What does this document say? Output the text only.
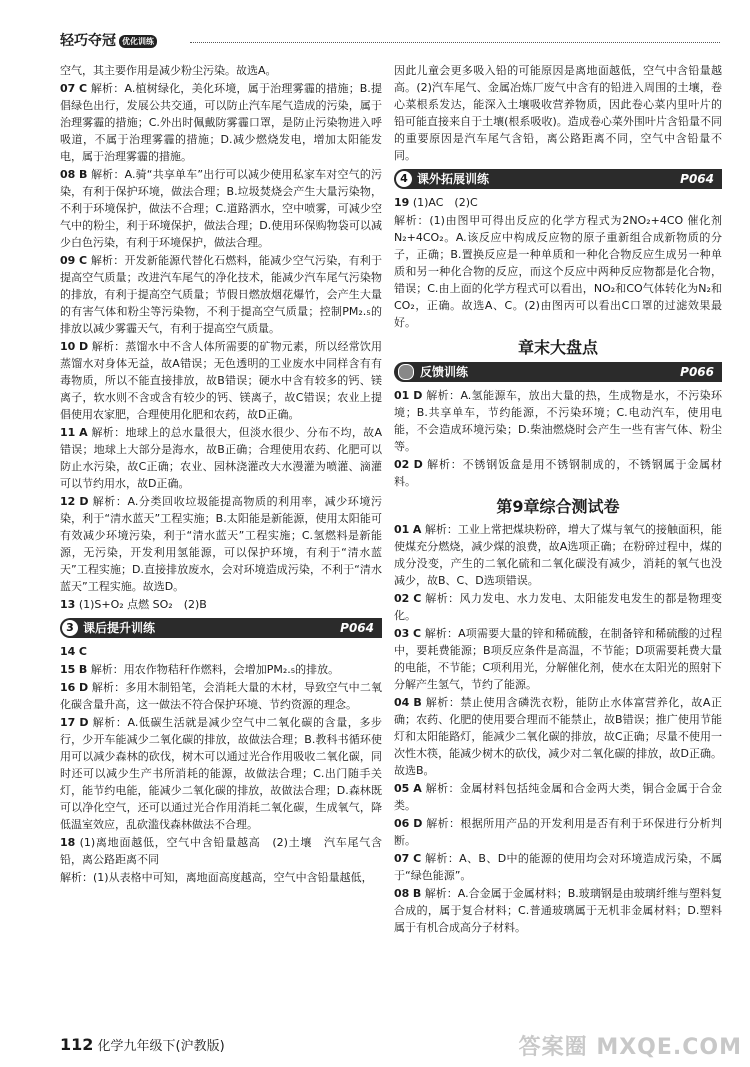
轻巧夺冠 优化训练
空气，其主要作用是减少粉尘污染。故选A。
07 C 解析：A.植树绿化，美化环境，属于治理雾霾的措施；B.提倡绿色出行，发展公共交通，可以防止汽车尾气造成的污染，属于治理雾霾的措施；C.外出时佩戴防雾霾口罩，是防止污染物进入呼吸道，不属于治理雾霾的措施；D.减少燃烧发电，增加太阳能发电，属于治理雾霾的措施。
08 B 解析：A.骑“共享单车”出行可以减少使用私家车对空气的污染，有利于保护环境，做法合理；B.垃圾焚烧会产生大量污染物，不利于环境保护，做法不合理；C.道路洒水，空中喷雾，可减少空气中的粉尘，利于环境保护，做法合理；D.使用环保购物袋可以减少白色污染，有利于环境保护，做法合理。
09 C 解析：开发新能源代替化石燃料，能减少空气污染，有利于提高空气质量；改进汽车尾气的净化技术，能减少汽车尾气污染物的排放，有利于提高空气质量；节假日燃放烟花爆竹，会产生大量的有害气体和粉尘等污染物，不利于提高空气质量；控制PM₂.₅的排放以减少雾霾天气，有利于提高空气质量。
10 D 解析：蒸馏水中不含人体所需要的矿物元素，所以经常饮用蒸馏水对身体无益，故A错误；无色透明的工业废水中同样含有有毒物质，所以不能直接排放，故B错误；硬水中含有较多的钙、镁离子，软水则不含或含有较少的钙、镁离子，故C错误；农业上提倡使用农家肥，合理使用化肥和农药，故D正确。
11 A 解析：地球上的总水量很大，但淡水很少、分布不均，故A错误；地球上大部分是海水，故B正确；合理使用农药、化肥可以防止水污染，故C正确；农业、园林浇灌改大水漫灌为喷灌、滴灌可以节约用水，故D正确。
12 D 解析：A.分类回收垃圾能提高物质的利用率，减少环境污染，利于“清水蓝天”工程实施；B.太阳能是新能源，使用太阳能可有效减少环境污染，利于“清水蓝天”工程实施；C.氢燃料是新能源，无污染，开发利用氢能源，可以保护环境，有利于“清水蓝天”工程实施；D.直接排放废水，会对环境造成污染，不利于“清水蓝天”工程实施。故选D。
13 (1)S+O₂ 点燃 SO₂　(2)B
3 课后提升训练	P064
14 C
15 B 解析：用农作物秸秆作燃料，会增加PM₂.₅的排放。
16 D 解析：多用木制铅笔，会消耗大量的木材，导致空气中二氧化碳含量升高，这一做法不符合保护环境、节约资源的理念。
17 D 解析：A.低碳生活就是减少空气中二氧化碳的含量，多步行，少开车能减少二氧化碳的排放，故做法合理；B.教科书循环使用可以减少森林的砍伐，树木可以通过光合作用吸收二氧化碳，同时还可以减少生产书所消耗的能源，故做法合理；C.出门随手关灯，能节约电能，能减少二氧化碳的排放，故做法合理；D.森林既可以净化空气，还可以通过光合作用消耗二氧化碳，生成氧气，降低温室效应，乱砍滥伐森林做法不合理。
18 (1)离地面越低，空气中含铅量越高　(2)土壤　汽车尾气含铅，离公路距离不同
解析：(1)从表格中可知，离地面高度越高，空气中含铅量越低，
因此儿童会更多吸入铅的可能原因是离地面越低，空气中含铅量越高。(2)汽车尾气、金属冶炼厂废气中含有的铅进入周围的土壤，卷心菜根系发达，能深入土壤吸收营养物质，因此卷心菜内里叶片的铅可能直接来自于土壤(根系吸收)。造成卷心菜外围叶片含铅量不同的重要原因是汽车尾气含铅，离公路距离不同，空气中含铅量不同。
4 课外拓展训练	P064
19 (1)AC　(2)C
解析：(1)由图甲可得出反应的化学方程式为2NO₂+4CO 催化剂 N₂+4CO₂。A.该反应中构成反应物的原子重新组合成新物质的分子，正确；B.置换反应是一种单质和一种化合物反应生成另一种单质和另一种化合物的反应，而这个反应中两种反应物都是化合物，错误；C.由上面的化学方程式可以看出，NO₂和CO气体转化为N₂和CO₂，正确。故选A、C。(2)由图丙可以看出C口罩的过滤效果最好。
章末大盘点
反馈训练	P066
01 D 解析：A.氢能源车，放出大量的热，生成物是水，不污染环境；B.共享单车，节约能源，不污染环境；C.电动汽车，使用电能，不会造成环境污染；D.柴油燃烧时会产生一些有害气体、粉尘等。
02 D 解析：不锈钢饭盒是用不锈钢制成的，不锈钢属于金属材料。
第9章综合测试卷
01 A 解析：工业上常把煤块粉碎，增大了煤与氧气的接触面积，能使煤充分燃烧，减少煤的浪费，故A选项正确；在粉碎过程中，煤的成分没变，产生的二氧化硫和二氧化碳没有减少，消耗的氧气也没减少，故B、C、D选项错误。
02 C 解析：风力发电、水力发电、太阳能发电发生的都是物理变化。
03 C 解析：A项需要大量的锌和稀硫酸，在制备锌和稀硫酸的过程中，要耗费能源；B项反应条件是高温，不节能；D项需要耗费大量的电能，不节能；C项利用光，分解催化剂，使水在太阳光的照射下分解产生氢气，节约了能源。
04 B 解析：禁止使用含磷洗衣粉，能防止水体富营养化，故A正确；农药、化肥的使用要合理而不能禁止，故B错误；推广使用节能灯和太阳能路灯，能减少二氧化碳的排放，故C正确；尽量不使用一次性木筷，能减少树木的砍伐，减少对二氧化碳的排放，故D正确。故选B。
05 A 解析：金属材料包括纯金属和合金两大类，铜合金属于合金类。
06 D 解析：根据所用产品的开发利用是否有利于环保进行分析判断。
07 C 解析：A、B、D中的能源的使用均会对环境造成污染，不属于“绿色能源”。
08 B 解析：A.合金属于金属材料；B.玻璃钢是由玻璃纤维与塑料复合成的，属于复合材料；C.普通玻璃属于无机非金属材料；D.塑料属于有机合成高分子材料。
112 化学九年级下(沪教版)	答案圈 MXQE.COM
